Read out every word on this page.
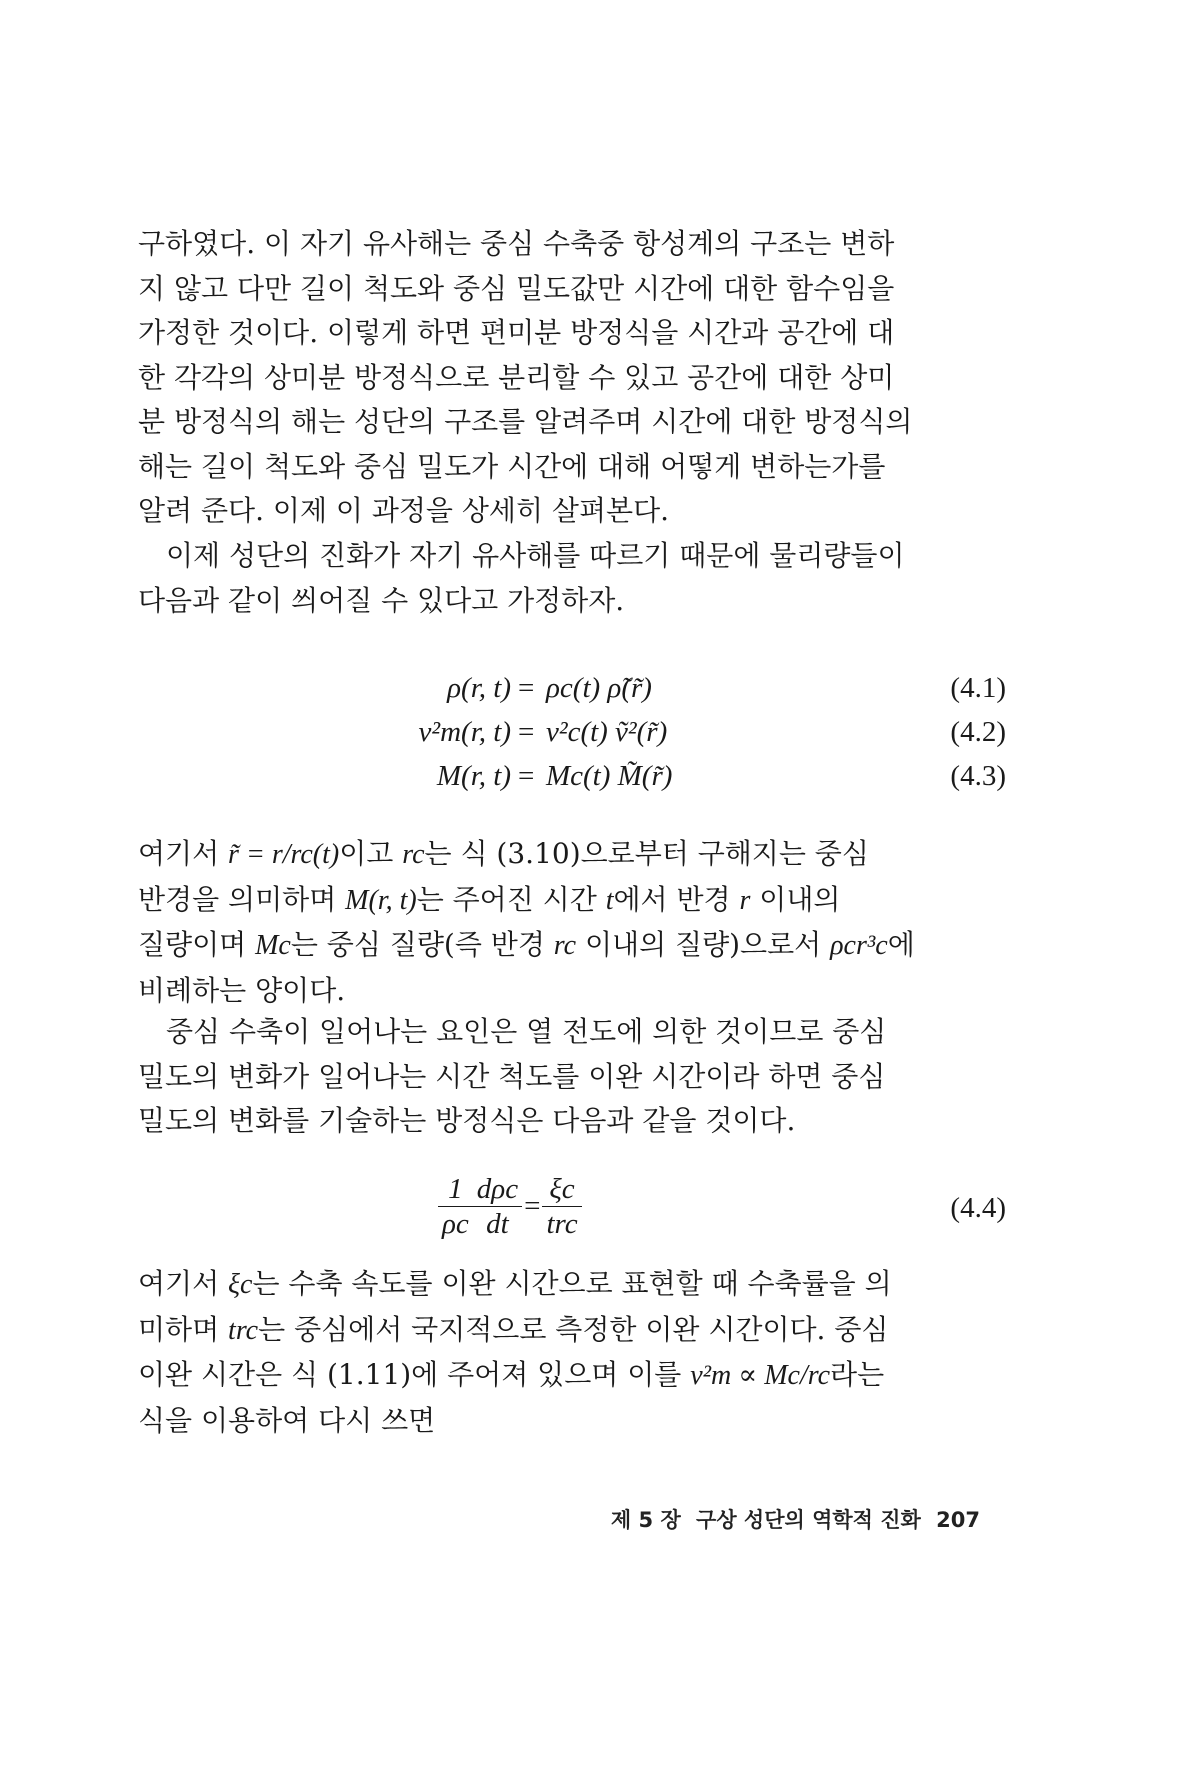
구하였다. 이 자기 유사해는 중심 수축중 항성계의 구조는 변하

지 않고 다만 길이 척도와 중심 밀도값만 시간에 대한 함수임을

가정한 것이다. 이렇게 하면 편미분 방정식을 시간과 공간에 대

한 각각의 상미분 방정식으로 분리할 수 있고 공간에 대한 상미

분 방정식의 해는 성단의 구조를 알려주며 시간에 대한 방정식의

해는 길이 척도와 중심 밀도가 시간에 대해 어떻게 변하는가를

알려 준다. 이제 이 과정을 상세히 살펴본다.

이제 성단의 진화가 자기 유사해를 따르기 때문에 물리량들이

다음과 같이 씌어질 수 있다고 가정하자.

ρ(r, t) = ρc(t) ρ̃(r̃)	(4.1)
v²m(r, t) = v²c(t) ṽ²(r̃)	(4.2)
M(r, t) = Mc(t) M̃(r̃)	(4.3)

여기서 r̃ = r/rc(t)이고 rc는 식 (3.10)으로부터 구해지는 중심

반경을 의미하며 M(r, t)는 주어진 시간 t에서 반경 r 이내의

질량이며 Mc는 중심 질량(즉 반경 rc 이내의 질량)으로서 ρcr³c에

비례하는 양이다.

중심 수축이 일어나는 요인은 열 전도에 의한 것이므로 중심

밀도의 변화가 일어나는 시간 척도를 이완 시간이라 하면 중심

밀도의 변화를 기술하는 방정식은 다음과 같을 것이다.

$\frac{1}{\rho c} \frac{\text{dρc}}{dt} = \frac{\xi c}{\text{trc}}$	(4.4)

여기서 ξc는 수축 속도를 이완 시간으로 표현할 때 수축률을 의

미하며 trc는 중심에서 국지적으로 측정한 이완 시간이다. 중심

이완 시간은 식 (1.11)에 주어져 있으며 이를 v²m ∝ Mc/rc라는

식을 이용하여 다시 쓰면

제 5 장 구상 성단의 역학적 진화 207
